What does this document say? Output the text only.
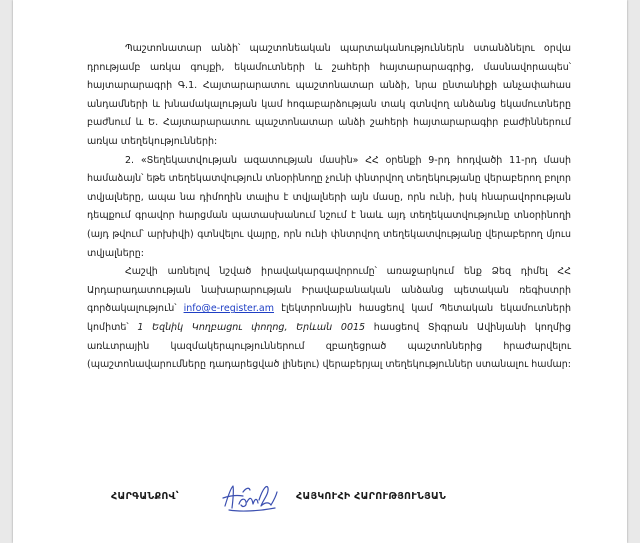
Պաշտոնատար անձի՝ պաշտոնեական պարտականություններն ստանձնելու օրվա դրությամբ առկա գույքի, եկամուտների և շահերի հայտարարագրից, մասնավորապես՝ հայտարարագրի Գ.1. Հայտարարատու պաշտոնատար անձի, նրա ընտանիքի անչափահաս անդամների և խնամակալության կամ հոգաբարձության տակ գտնվող անձանց եկամուտները բաժնում և Ե. Հայտարարատու պաշտոնատար անձի շահերի հայտարարագիր բաժիններում առկա տեղեկությունների:

2. «Տեղեկատվության ազատության մասին» ՀՀ օրենքի 9-րդ հոդվածի 11-րդ մասի համաձայն՝ եթե տեղեկատվություն տնօրինողը չունի փնտրվող տեղեկությանը վերաբերող բոլոր տվյալները, ապա նա դիմողին տալիս է տվյալների այն մասը, որն ունի, իսկ հնարավորության դեպքում գրավոր հարցման պատասխանում նշում է նաև այդ տեղեկատվությունը տնօրինողի (այդ թվում՝ արխիվի) գտնվելու վայրը, որն ունի փնտրվող տեղեկատվությանը վերաբերող մյուս տվյալները:

Հաշվի առնելով նշված իրավակարգավորումը՝ առաջարկում ենք Ձեզ դիմել ՀՀ Արդարադատության նախարարության Իրավաբանական անձանց պետական ռեգիստրի գործակալություն՝ info@e-register.am էլեկտրոնային հասցեով կամ Պետական եկամուտների կոմիտե՝ 1 Եզնիկ Կողբացու փողոց, Երևան 0015 հասցեով Տիգրան Ավինյանի կողմից առևտրային կազմակերպություններում զբաղեցրած պաշտոններից հրաժարվելու (պաշտոնավարումները դադարեցված լինելու) վերաբերյալ տեղեկություններ ստանալու համար:

ՀԱՐԳԱՆՔՈՎ՝	ՀԱՅԿՈՒՀԻ ՀԱՐՈՒԹՅՈՒՆՅԱՆ
